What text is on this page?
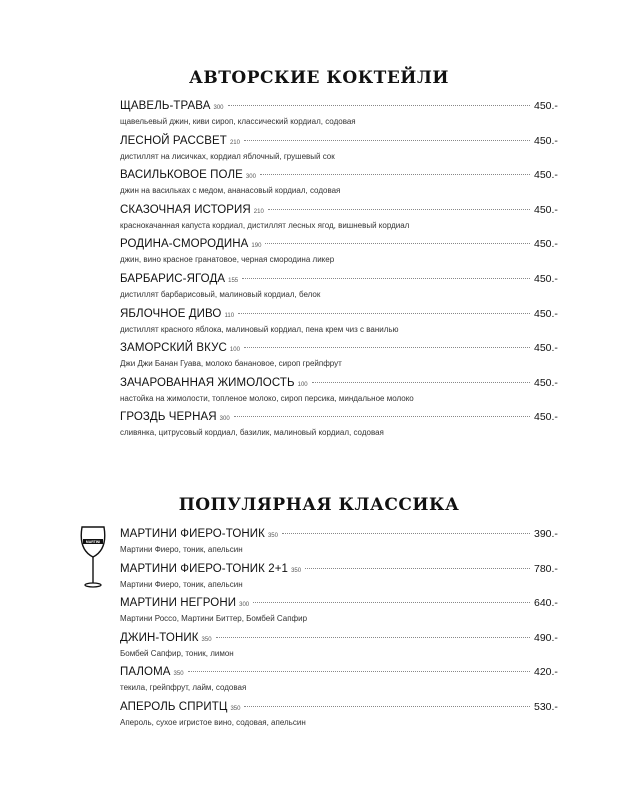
АВТОРСКИЕ КОКТЕЙЛИ
ПОПУЛЯРНАЯ КЛАССИКА
MARTINI
ЩАВЕЛЬ-ТРАВА 300	450.-
щавельевый джин, киви сироп, классический кордиал, содовая
ЛЕСНОЙ РАССВЕТ 210	450.-
дистиллят на лисичках, кордиал яблочный, грушевый сок
ВАСИЛЬКОВОЕ ПОЛЕ 300	450.-
джин на васильках с медом, ананасовый кордиал, содовая
СКАЗОЧНАЯ ИСТОРИЯ 210	450.-
краснокачанная капуста кордиал, дистиллят лесных ягод, вишневый кордиал
РОДИНА-СМОРОДИНА 190	450.-
джин, вино красное гранатовое, черная смородина ликер
БАРБАРИС-ЯГОДА 155	450.-
дистиллят барбарисовый, малиновый кордиал, белок
ЯБЛОЧНОЕ ДИВО 110	450.-
дистиллят красного яблока, малиновый кордиал, пена крем чиз с ванилью
ЗАМОРСКИЙ ВКУС 100	450.-
Джи Джи Банан Гуава, молоко банановое, сироп грейпфрут
ЗАЧАРОВАННАЯ ЖИМОЛОСТЬ 100	450.-
настойка на жимолости, топленое молоко, сироп персика, миндальное молоко
ГРОЗДЬ ЧЕРНАЯ 300	450.-
сливянка, цитрусовый кордиал, базилик, малиновый кордиал, содовая
МАРТИНИ ФИЕРО-ТОНИК 350	390.-
Мартини Фиеро, тоник, апельсин
МАРТИНИ ФИЕРО-ТОНИК 2+1 350	780.-
Мартини Фиеро, тоник, апельсин
МАРТИНИ НЕГРОНИ 300	640.-
Мартини Россо, Мартини Биттер, Бомбей Сапфир
ДЖИН-ТОНИК 350	490.-
Бомбей Сапфир, тоник, лимон
ПАЛОМА 350	420.-
текила, грейпфрут, лайм, содовая
АПЕРОЛЬ СПРИТЦ 350	530.-
Апероль, сухое игристое вино, содовая, апельсин
